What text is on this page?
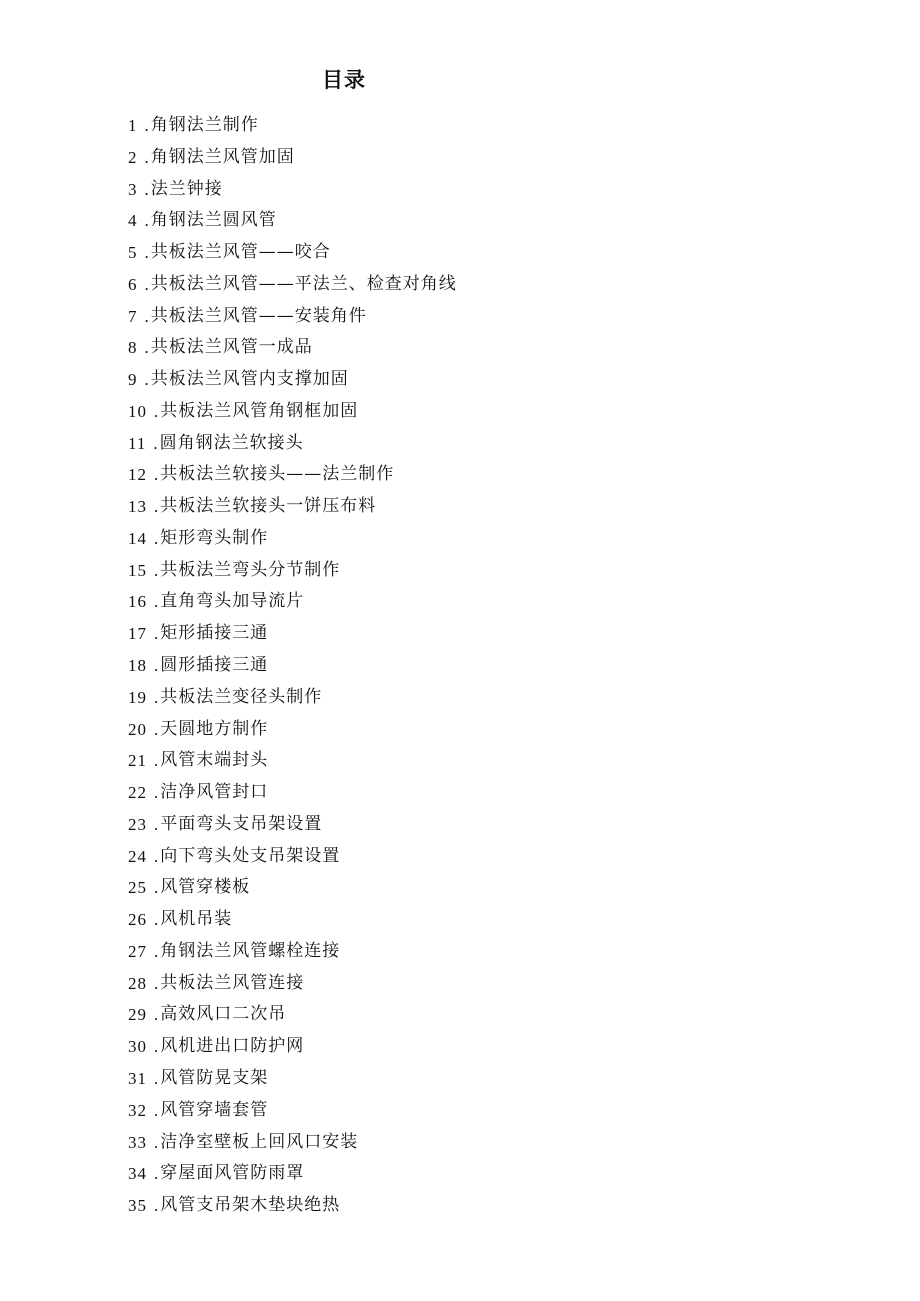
目录
1 . 角钢法兰制作
2 . 角钢法兰风管加固
3 . 法兰钟接
4 . 角钢法兰圆风管
5 . 共板法兰风管——咬合
6 . 共板法兰风管——平法兰、检查对角线
7 . 共板法兰风管——安装角件
8 . 共板法兰风管一成品
9 . 共板法兰风管内支撑加固
10 . 共板法兰风管角钢框加固
11 . 圆角钢法兰软接头
12 . 共板法兰软接头——法兰制作
13 . 共板法兰软接头一饼压布料
14 . 矩形弯头制作
15 . 共板法兰弯头分节制作
16 . 直角弯头加导流片
17 . 矩形插接三通
18 . 圆形插接三通
19 . 共板法兰变径头制作
20 . 天圆地方制作
21 . 风管末端封头
22 . 洁净风管封口
23 . 平面弯头支吊架设置
24 . 向下弯头处支吊架设置
25 . 风管穿楼板
26 . 风机吊装
27 . 角钢法兰风管螺栓连接
28 . 共板法兰风管连接
29 . 高效风口二次吊
30 . 风机进出口防护网
31 . 风管防晃支架
32 . 风管穿墙套管
33 . 洁净室壁板上回风口安装
34 . 穿屋面风管防雨罩
35 . 风管支吊架木垫块绝热
